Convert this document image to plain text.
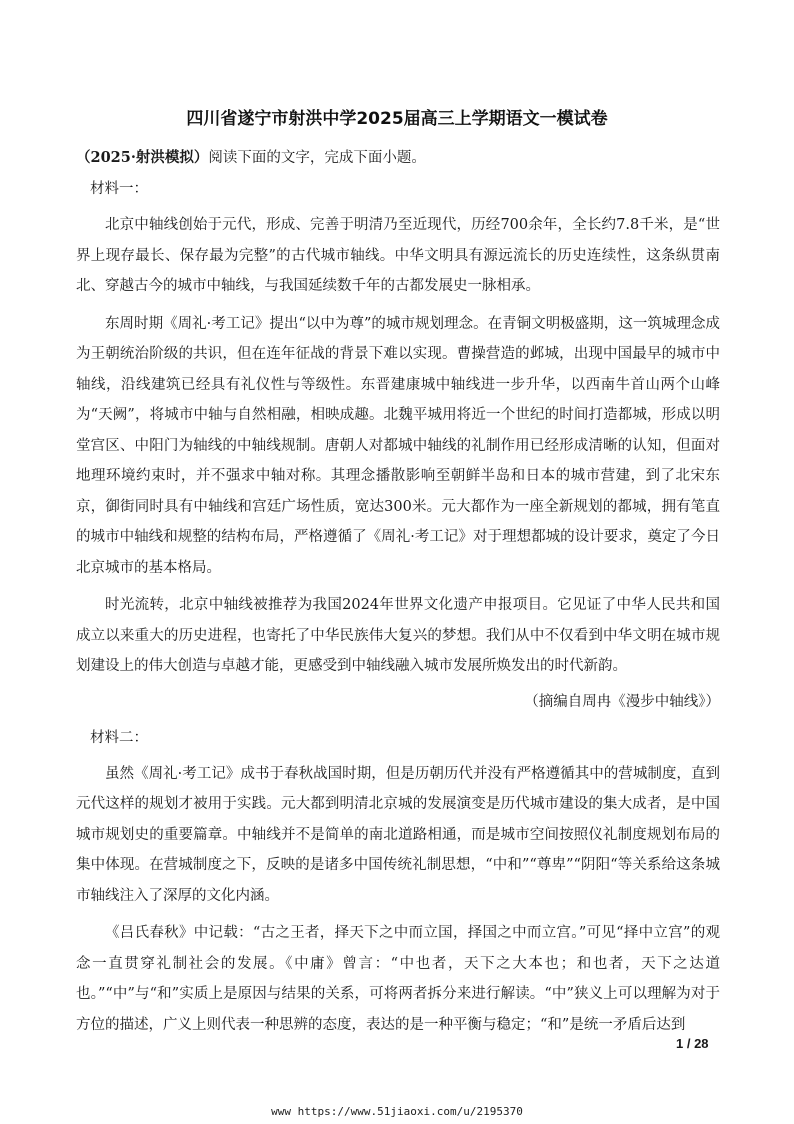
四川省遂宁市射洪中学2025届高三上学期语文一模试卷
（2025·射洪模拟）阅读下面的文字，完成下面小题。
材料一：

北京中轴线创始于元代，形成、完善于明清乃至近现代，历经700余年，全长约7.8千米，是“世界上现存最长、保存最为完整”的古代城市轴线。中华文明具有源远流长的历史连续性，这条纵贯南北、穿越古今的城市中轴线，与我国延续数千年的古都发展史一脉相承。

东周时期《周礼·考工记》提出“以中为尊”的城市规划理念。在青铜文明极盛期，这一筑城理念成为王朝统治阶级的共识，但在连年征战的背景下难以实现。曹操营造的邺城，出现中国最早的城市中轴线，沿线建筑已经具有礼仪性与等级性。东晋建康城中轴线进一步升华，以西南牛首山两个山峰为“天阙”，将城市中轴与自然相融，相映成趣。北魏平城用将近一个世纪的时间打造都城，形成以明堂宫区、中阳门为轴线的中轴线规制。唐朝人对都城中轴线的礼制作用已经形成清晰的认知，但面对地理环境约束时，并不强求中轴对称。其理念播散影响至朝鲜半岛和日本的城市营建，到了北宋东京，御街同时具有中轴线和宫廷广场性质，宽达300米。元大都作为一座全新规划的都城，拥有笔直的城市中轴线和规整的结构布局，严格遵循了《周礼·考工记》对于理想都城的设计要求，奠定了今日北京城市的基本格局。

时光流转，北京中轴线被推荐为我国2024年世界文化遗产申报项目。它见证了中华人民共和国成立以来重大的历史进程，也寄托了中华民族伟大复兴的梦想。我们从中不仅看到中华文明在城市规划建设上的伟大创造与卓越才能，更感受到中轴线融入城市发展所焕发出的时代新韵。

（摘编自周冉《漫步中轴线》）
材料二：

虽然《周礼·考工记》成书于春秋战国时期，但是历朝历代并没有严格遵循其中的营城制度，直到元代这样的规划才被用于实践。元大都到明清北京城的发展演变是历代城市建设的集大成者，是中国城市规划史的重要篇章。中轴线并不是简单的南北道路相通，而是城市空间按照仪礼制度规划布局的集中体现。在营城制度之下，反映的是诸多中国传统礼制思想，“中和”“尊卑”“阴阳“等关系给这条城市轴线注入了深厚的文化内涵。

《吕氏春秋》中记载：“古之王者，择天下之中而立国，择国之中而立宫。”可见“择中立宫”的观念一直贯穿礼制社会的发展。《中庸》曾言：“中也者，天下之大本也；和也者，天下之达道也。”“中”与“和”实质上是原因与结果的关系，可将两者拆分来进行解读。“中”狭义上可以理解为对于方位的描述，广义上则代表一种思辨的态度，表达的是一种平衡与稳定；“和”是统一矛盾后达到

1 / 28
www https://www.51jiaoxi.com/u/2195370
